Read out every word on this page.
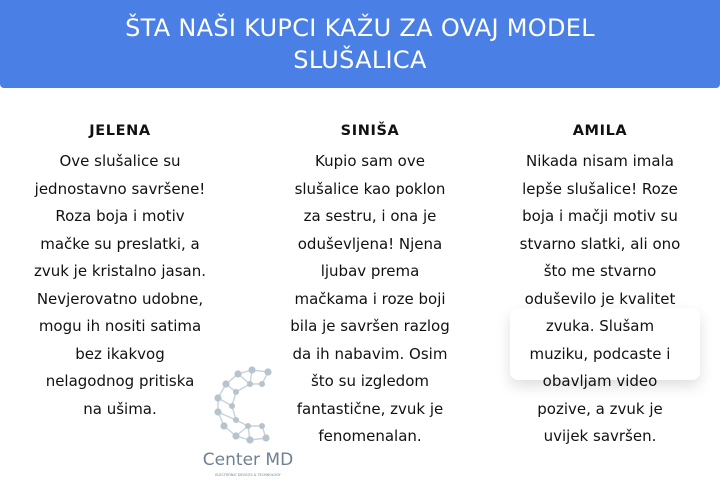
ŠTA NAŠI KUPCI KAŽU ZA OVAJ MODEL
SLUŠALICA
JELENA

Ove slušalice su
jednostavno savršene!
Roza boja i motiv
mačke su preslatki, a
zvuk je kristalno jasan.
Nevjerovatno udobne,
mogu ih nositi satima
bez ikakvog
nelagodnog pritiska
na ušima.

SINIŠA

Kupio sam ove
slušalice kao poklon
za sestru, i ona je
oduševljena! Njena
ljubav prema
mačkama i roze boji
bila je savršen razlog
da ih nabavim. Osim
što su izgledom
fantastične, zvuk je
fenomenalan.

AMILA

Nikada nisam imala
lepše slušalice! Roze
boja i mačji motiv su
stvarno slatki, ali ono
što me stvarno
oduševilo je kvalitet
zvuka. Slušam
muziku, podcaste i
obavljam video
pozive, a zvuk je
uvijek savršen.

Center MD
ELECTRONIC DEVICES & TECHNOLOGY
